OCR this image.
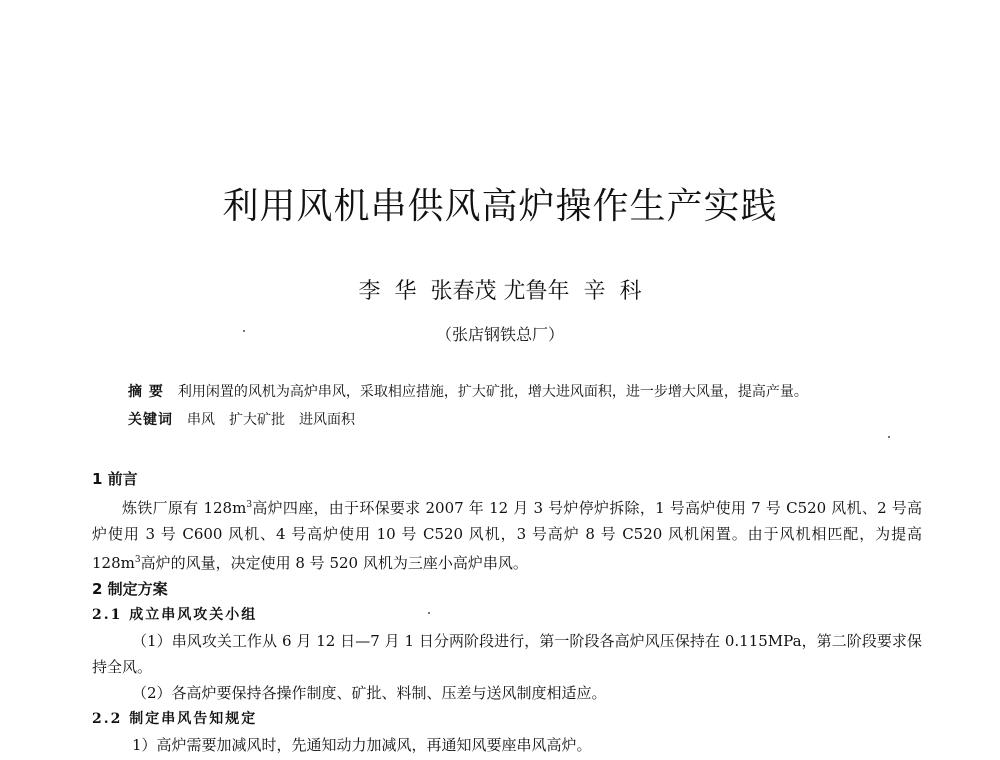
利用风机串供风高炉操作生产实践
李  华  张春茂 尤鲁年  辛  科
（张店钢铁总厂）
摘 要 利用闲置的风机为高炉串风，采取相应措施，扩大矿批，增大进风面积，进一步增大风量，提高产量。
关键词 串风 扩大矿批 进风面积
1 前言

炼铁厂原有 $128m^3$高炉四座，由于环保要求 2007 年 12 月 3 号炉停炉拆除，1 号高炉使用 7 号 C520 风机、2 号高炉使用 3 号 C600 风机、4 号高炉使用 10 号 C520 风机，3 号高炉 8 号 C520 风机闲置。由于风机相匹配，为提高 $128m^3$高炉的风量，决定使用 8 号 520 风机为三座小高炉串风。

2 制定方案
2.1 成立串风攻关小组

（1）串风攻关工作从 6 月 12 日—7 月 1 日分两阶段进行，第一阶段各高炉风压保持在 0.115MPa，第二阶段要求保持全风。

（2）各高炉要保持各操作制度、矿批、料制、压差与送风制度相适应。

2.2 制定串风告知规定

1）高炉需要加减风时，先通知动力加减风，再通知风要座串风高炉。
